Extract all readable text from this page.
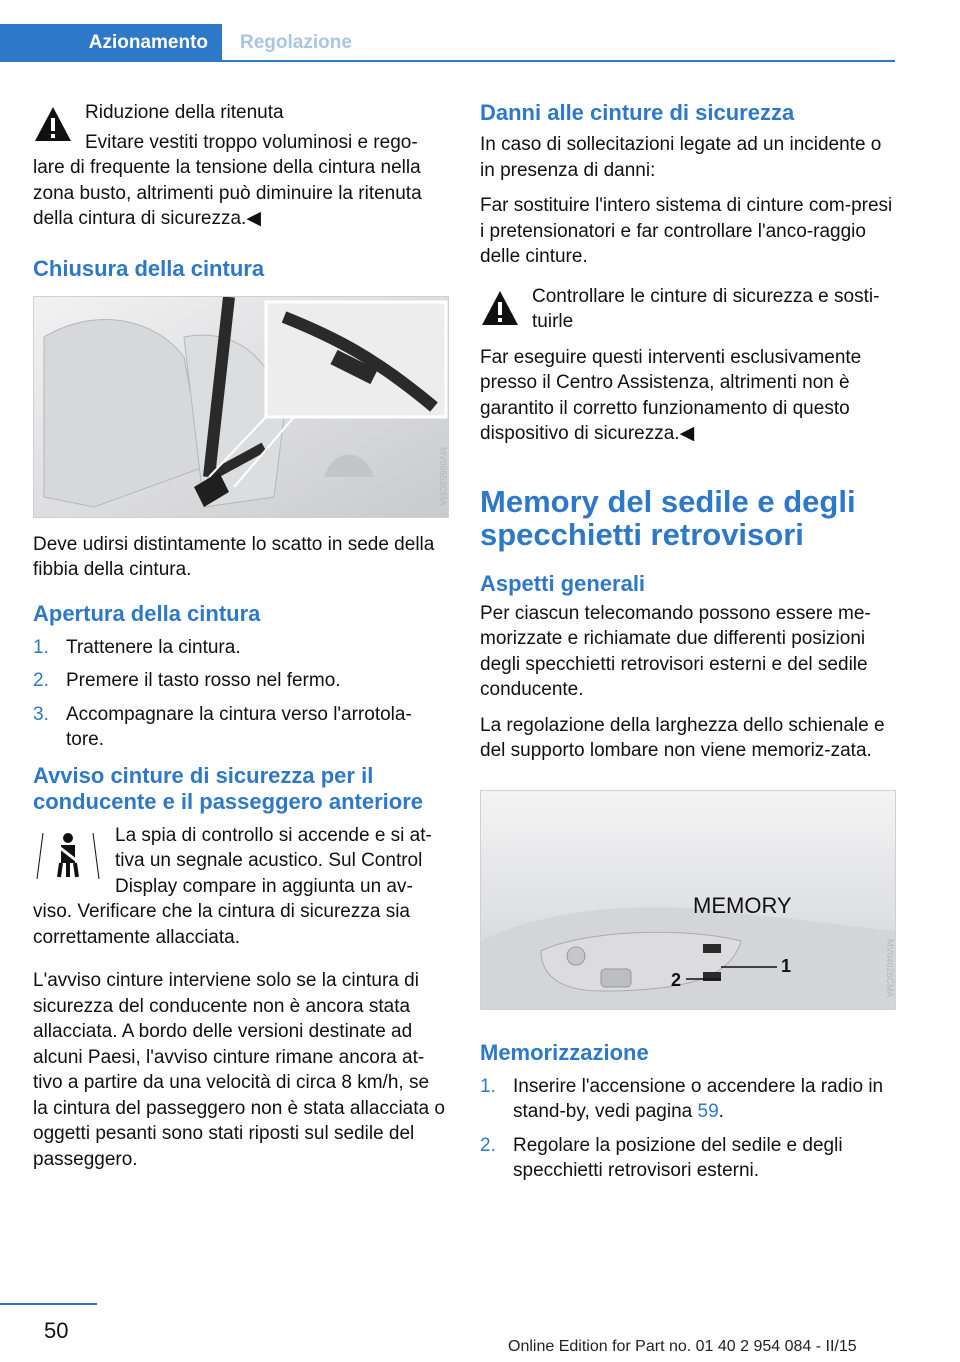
Azionamento	Regolazione

Riduzione della ritenuta

Evitare vestiti troppo voluminosi e rego-lare di frequente la tensione della cintura nella zona busto, altrimenti può diminuire la ritenuta della cintura di sicurezza.◀

Chiusura della cintura
MV05653CMA

Deve udirsi distintamente lo scatto in sede della fibbia della cintura.

Apertura della cintura
1. Trattenere la cintura.
2. Premere il tasto rosso nel fermo.
3. Accompagnare la cintura verso l'arrotola-tore.
Avviso cinture di sicurezza per il conducente e il passeggero anteriore

La spia di controllo si accende e si at-tiva un segnale acustico. Sul Control Display compare in aggiunta un av-viso. Verificare che la cintura di sicurezza sia correttamente allacciata.

L'avviso cinture interviene solo se la cintura di sicurezza del conducente non è ancora stata allacciata. A bordo delle versioni destinate ad alcuni Paesi, l'avviso cinture rimane ancora at-tivo a partire da una velocità di circa 8 km/h, se la cintura del passeggero non è stata allacciata o oggetti pesanti sono stati riposti sul sedile del passeggero.

Danni alle cinture di sicurezza

In caso di sollecitazioni legate ad un incidente o in presenza di danni:

Far sostituire l'intero sistema di cinture com-presi i pretensionatori e far controllare l'anco-raggio delle cinture.

Controllare le cinture di sicurezza e sosti-tuirle

Far eseguire questi interventi esclusivamente presso il Centro Assistenza, altrimenti non è garantito il corretto funzionamento di questo dispositivo di sicurezza.◀

Memory del sedile e degli specchietti retrovisori
Aspetti generali

Per ciascun telecomando possono essere me-morizzate e richiamate due differenti posizioni degli specchietti retrovisori esterni e del sedile conducente.

La regolazione della larghezza dello schienale e del supporto lombare non viene memoriz-zata.

MEMORY
1
2	MV04026CMA
Memorizzazione
1. Inserire l'accensione o accendere la radio in stand-by, vedi pagina 59.
2. Regolare la posizione del sedile e degli specchietti retrovisori esterni.
50
Online Edition for Part no. 01 40 2 954 084 - II/15
